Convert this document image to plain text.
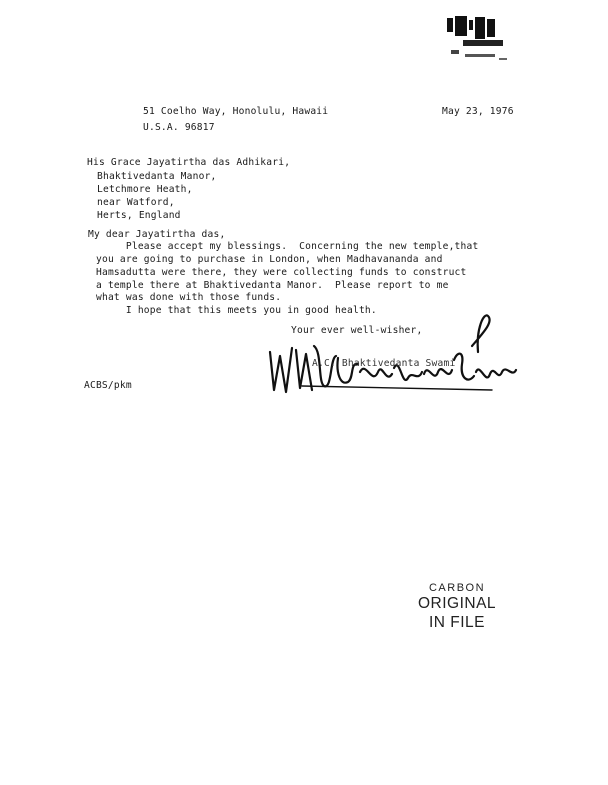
51 Coelho Way, Honolulu, Hawaii
U.S.A. 96817
May 23, 1976
His Grace Jayatirtha das Adhikari,
Bhaktivedanta Manor,
Letchmore Heath,
near Watford,
Herts, England
My dear Jayatirtha das,
Please accept my blessings.  Concerning the new temple,that
you are going to purchase in London, when Madhavananda and
Hamsadutta were there, they were collecting funds to construct
a temple there at Bhaktivedanta Manor.  Please report to me
what was done with those funds.
I hope that this meets you in good health.
Your ever well-wisher,
A.C. Bhaktivedanta Swami
ACBS/pkm
CARBON
ORIGINAL
IN FILE
